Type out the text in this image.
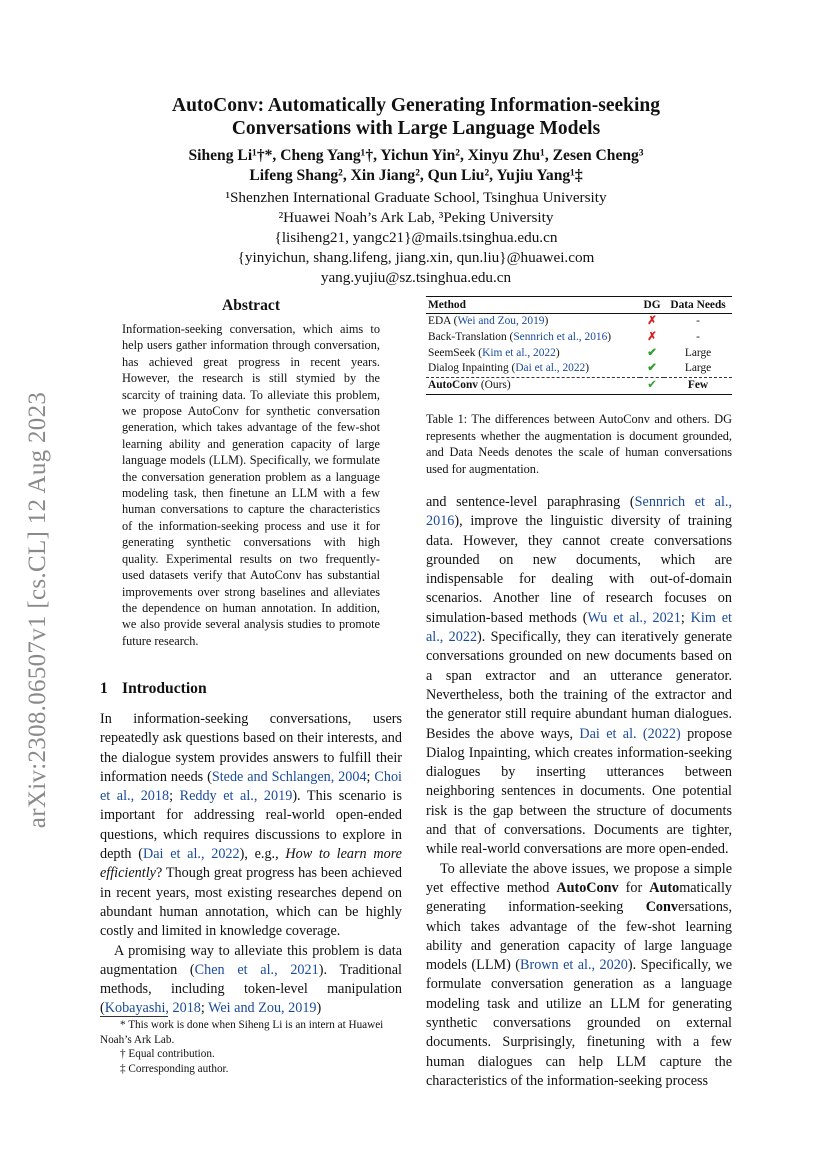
arXiv:2308.06507v1 [cs.CL] 12 Aug 2023
AutoConv: Automatically Generating Information-seeking
Conversations with Large Language Models
Siheng Li¹†*, Cheng Yang¹†, Yichun Yin², Xinyu Zhu¹, Zesen Cheng³
Lifeng Shang², Xin Jiang², Qun Liu², Yujiu Yang¹‡
¹Shenzhen International Graduate School, Tsinghua University
²Huawei Noah’s Ark Lab, ³Peking University
{lisiheng21, yangc21}@mails.tsinghua.edu.cn
{yinyichun, shang.lifeng, jiang.xin, qun.liu}@huawei.com
yang.yujiu@sz.tsinghua.edu.cn
Abstract
Information-seeking conversation, which aims to help users gather information through conversation, has achieved great progress in recent years. However, the research is still stymied by the scarcity of training data. To alleviate this problem, we propose AutoConv for synthetic conversation generation, which takes advantage of the few-shot learning ability and generation capacity of large language models (LLM). Specifically, we formulate the conversation generation problem as a language modeling task, then finetune an LLM with a few human conversations to capture the characteristics of the information-seeking process and use it for generating synthetic conversations with high quality. Experimental results on two frequently-used datasets verify that AutoConv has substantial improvements over strong baselines and alleviates the dependence on human annotation. In addition, we also provide several analysis studies to promote future research.
1 Introduction

In information-seeking conversations, users repeatedly ask questions based on their interests, and the dialogue system provides answers to fulfill their information needs (Stede and Schlangen, 2004; Choi et al., 2018; Reddy et al., 2019). This scenario is important for addressing real-world open-ended questions, which requires discussions to explore in depth (Dai et al., 2022), e.g., How to learn more efficiently? Though great progress has been achieved in recent years, most existing researches depend on abundant human annotation, which can be highly costly and limited in knowledge coverage.

A promising way to alleviate this problem is data augmentation (Chen et al., 2021). Traditional methods, including token-level manipulation (Kobayashi, 2018; Wei and Zou, 2019)

* This work is done when Siheng Li is an intern at Huawei Noah’s Ark Lab.

† Equal contribution.

‡ Corresponding author.

Method	DG	Data Needs
EDA (Wei and Zou, 2019)	✗	-
Back-Translation (Sennrich et al., 2016)	✗	-
SeemSeek (Kim et al., 2022)	✔	Large
Dialog Inpainting (Dai et al., 2022)	✔	Large
AutoConv (Ours)	✔	Few
Table 1: The differences between AutoConv and others. DG represents whether the augmentation is document grounded, and Data Needs denotes the scale of human conversations used for augmentation.

and sentence-level paraphrasing (Sennrich et al., 2016), improve the linguistic diversity of training data. However, they cannot create conversations grounded on new documents, which are indispensable for dealing with out-of-domain scenarios. Another line of research focuses on simulation-based methods (Wu et al., 2021; Kim et al., 2022). Specifically, they can iteratively generate conversations grounded on new documents based on a span extractor and an utterance generator. Nevertheless, both the training of the extractor and the generator still require abundant human dialogues. Besides the above ways, Dai et al. (2022) propose Dialog Inpainting, which creates information-seeking dialogues by inserting utterances between neighboring sentences in documents. One potential risk is the gap between the structure of documents and that of conversations. Documents are tighter, while real-world conversations are more open-ended.

To alleviate the above issues, we propose a simple yet effective method AutoConv for Automatically generating information-seeking Conversations, which takes advantage of the few-shot learning ability and generation capacity of large language models (LLM) (Brown et al., 2020). Specifically, we formulate conversation generation as a language modeling task and utilize an LLM for generating synthetic conversations grounded on external documents. Surprisingly, finetuning with a few human dialogues can help LLM capture the characteristics of the information-seeking process
